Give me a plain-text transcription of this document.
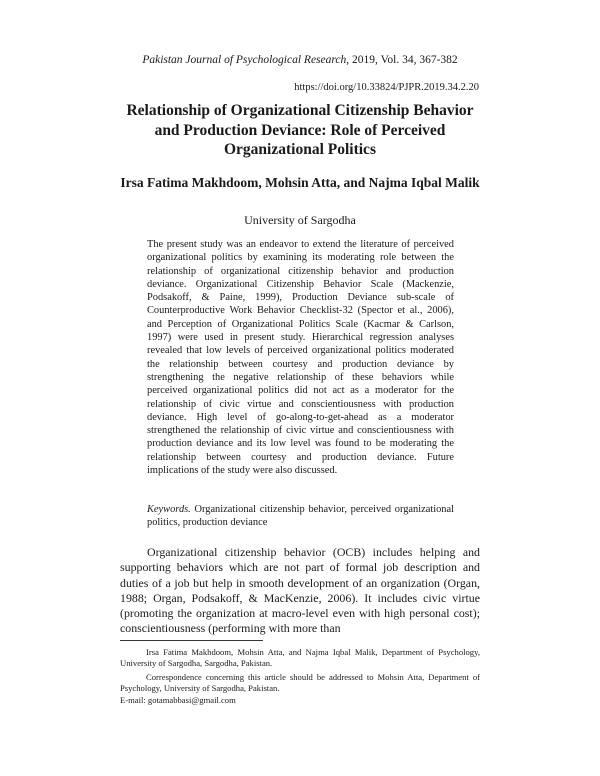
Pakistan Journal of Psychological Research, 2019, Vol. 34, 367-382
https://doi.org/10.33824/PJPR.2019.34.2.20
Relationship of Organizational Citizenship Behavior and Production Deviance: Role of Perceived Organizational Politics
Irsa Fatima Makhdoom, Mohsin Atta, and Najma Iqbal Malik
University of Sargodha

The present study was an endeavor to extend the literature of perceived organizational politics by examining its moderating role between the relationship of organizational citizenship behavior and production deviance. Organizational Citizenship Behavior Scale (Mackenzie, Podsakoff, & Paine, 1999), Production Deviance sub-scale of Counterproductive Work Behavior Checklist-32 (Spector et al., 2006), and Perception of Organizational Politics Scale (Kacmar & Carlson, 1997) were used in present study. Hierarchical regression analyses revealed that low levels of perceived organizational politics moderated the relationship between courtesy and production deviance by strengthening the negative relationship of these behaviors while perceived organizational politics did not act as a moderator for the relationship of civic virtue and conscientiousness with production deviance. High level of go-along-to-get-ahead as a moderator strengthened the relationship of civic virtue and conscientiousness with production deviance and its low level was found to be moderating the relationship between courtesy and production deviance. Future implications of the study were also discussed.

Keywords. Organizational citizenship behavior, perceived organizational politics, production deviance

Organizational citizenship behavior (OCB) includes helping and supporting behaviors which are not part of formal job description and duties of a job but help in smooth development of an organization (Organ, 1988; Organ, Podsakoff, & MacKenzie, 2006). It includes civic virtue (promoting the organization at macro-level even with high personal cost); conscientiousness (performing with more than

Irsa Fatima Makhdoom, Mohsin Atta, and Najma Iqbal Malik, Department of Psychology, University of Sargodha, Sargodha, Pakistan.

Correspondence concerning this article should be addressed to Mohsin Atta, Department of Psychology, University of Sargodha, Pakistan.

E-mail: gotamabbasi@gmail.com
